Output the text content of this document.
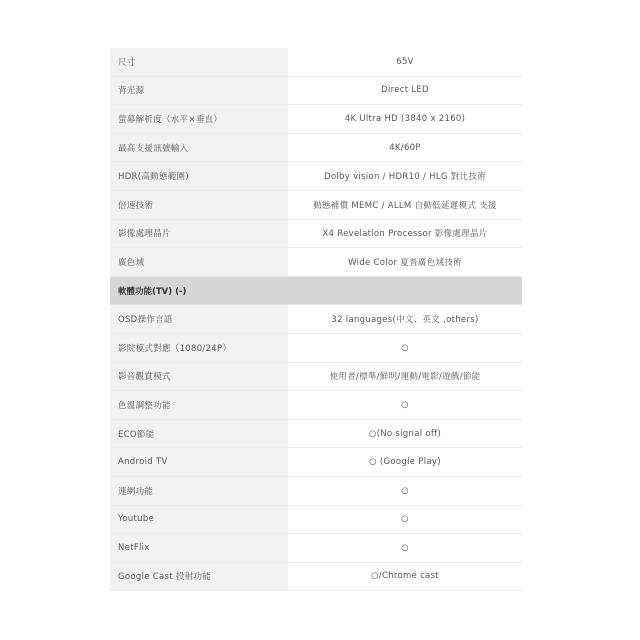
尺寸	65V
背光源	Direct LED
螢幕解析度（水平×垂直）	4K Ultra HD (3840 x 2160)
最高支援訊號輸入	4K/60P
HDR(高動態範圍)	Dolby vision / HDR10 / HLG 對比技術
倍速技術	動態補償 MEMC / ALLM 自動低延遲模式 支援
影像處理晶片	X4 Revelation Processor 影像處理晶片
廣色域	Wide Color 夏普廣色域技術
軟體功能(TV) (-)
OSD操作言語	32 languages(中文、英文 ,others)
影院模式對應（1080/24P）	○
影音觀賞模式	使用者/標準/鮮明/運動/電影/遊戲/節能
色溫調整功能	○
ECO節能	○(No signal off)
Android TV	○ (Google Play)
連網功能	○
Youtube	○
NetFlix	○
Google Cast 投射功能	○/Chrome cast
